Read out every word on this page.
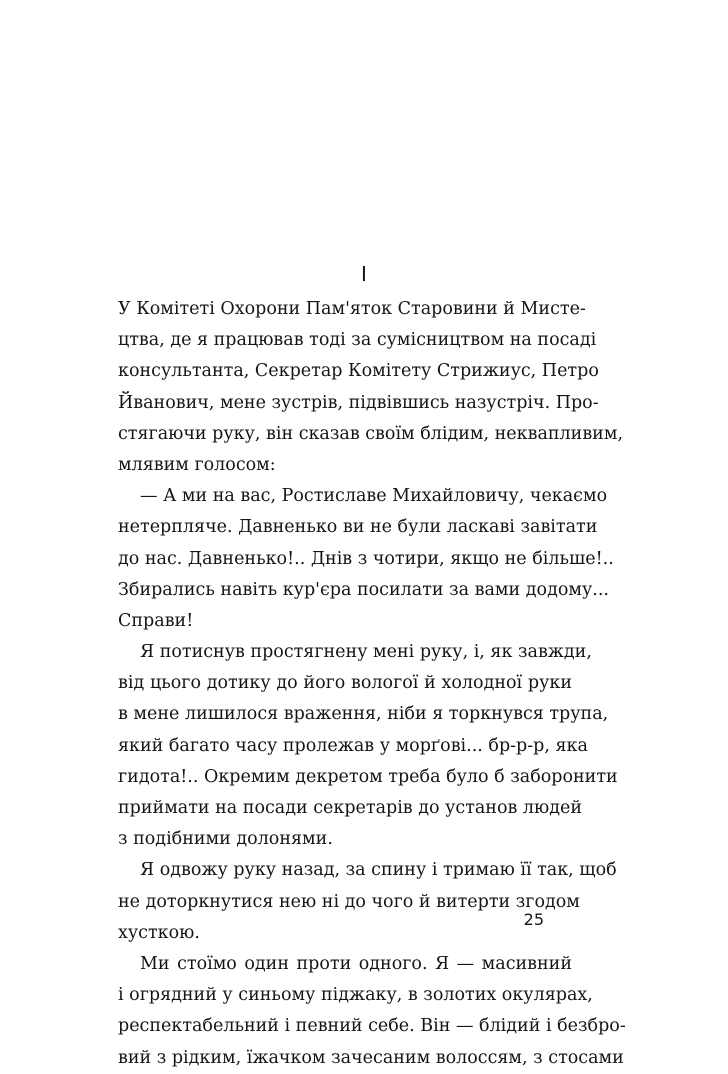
I
У Комітеті Охорони Пам'яток Старовини й Мисте-
цтва, де я працював тоді за сумісництвом на посаді
консультанта, Секретар Комітету Стрижиус, Петро
Йванович, мене зустрів, підвівшись назустріч. Про-
стягаючи руку, він сказав своїм блідим, неквапливим,
млявим голосом:
— А ми на вас, Ростиславе Михайловичу, чекаємо
нетерпляче. Давненько ви не були ласкаві завітати
до нас. Давненько!.. Днів з чотири, якщо не більше!..
Збирались навіть кур'єра посилати за вами додому...
Справи!
Я потиснув простягнену мені руку, і, як завжди,
від цього дотику до його вологої й холодної руки
в мене лишилося враження, ніби я торкнувся трупа,
який багато часу пролежав у морґові... бр-р-р, яка
гидота!.. Окремим декретом треба було б заборонити
приймати на посади секретарів до установ людей
з подібними долонями.
Я одвожу руку назад, за спину і тримаю її так, щоб
не доторкнутися нею ні до чого й витерти згодом
хусткою.
Ми стоїмо один проти одного. Я — масивний
і огрядний у синьому піджаку, в золотих окулярах,
респектабельний і певний себе. Він — блідий і безбро-
вий з рідким, їжачком зачесаним волоссям, з стосами
25
